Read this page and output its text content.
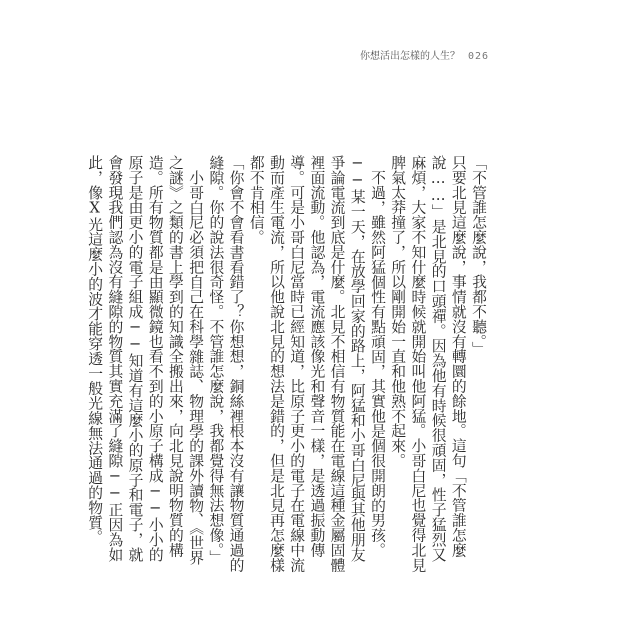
你想活出怎樣的人生？ 026

「不管誰怎麼說，我都不聽。」

只要北見這麼說，事情就沒有轉圜的餘地。這句「不管誰怎麼說……」是北見的口頭禪。因為他有時候很頑固，性子猛烈又麻煩，大家不知什麼時候就開始叫他阿猛。小哥白尼也覺得北見脾氣太莽撞了，所以剛開始一直和他熟不起來。

不過，雖然阿猛個性有點頑固，其實他是個很開朗的男孩。──某一天，在放學回家的路上，阿猛和小哥白尼與其他朋友爭論電流到底是什麼。北見不相信有物質能在電線這種金屬固體裡面流動。他認為，電流應該像光和聲音一樣，是透過振動傳導。可是小哥白尼當時已經知道，比原子更小的電子在電線中流動而產生電流，所以他說北見的想法是錯的，但是北見再怎麼樣都不肯相信。

「你會不會看書看錯了？你想想，銅絲裡根本沒有讓物質通過的縫隙。你的說法很奇怪。不管誰怎麼說，我都覺得無法想像。」

小哥白尼必須把自己在科學雜誌、物理學的課外讀物、《世界之謎》之類的書上學到的知識全搬出來，向北見說明物質的構造。所有物質都是由顯微鏡也看不到的小原子構成──小小的原子是由更小的電子組成──知道有這麼小的原子和電子，就會發現我們認為沒有縫隙的物質其實充滿了縫隙──正因為如此，像X光這麼小的波才能穿透一般光線無法通過的物質。
